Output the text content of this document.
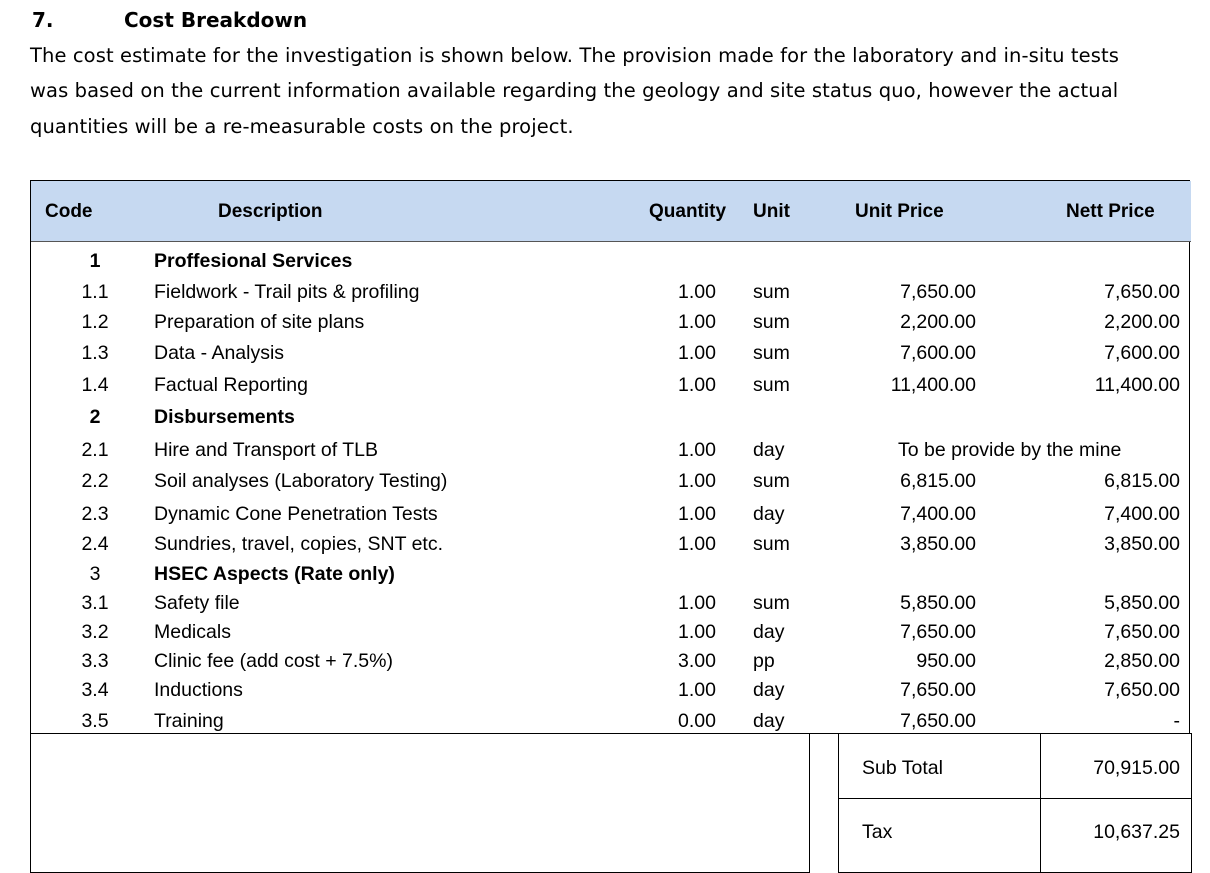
7.	Cost Breakdown
The cost estimate for the investigation is shown below. The provision made for the laboratory and in-situ tests
was based on the current information available regarding the geology and site status quo, however the actual
quantities will be a re-measurable costs on the project.
Code	Description	Quantity Unit	Unit Price	Nett Price
1	Proffesional Services
1.1	Fieldwork - Trail pits & profiling	1.00 sum	7,650.00	7,650.00
1.2	Preparation of site plans	1.00 sum	2,200.00	2,200.00
1.3	Data - Analysis	1.00 sum	7,600.00	7,600.00
1.4	Factual Reporting	1.00 sum	11,400.00	11,400.00
2	Disbursements
2.1	Hire and Transport of TLB	1.00 day	To be provide by the mine
2.2	Soil analyses (Laboratory Testing)	1.00 sum	6,815.00	6,815.00
2.3	Dynamic Cone Penetration Tests	1.00 day	7,400.00	7,400.00
2.4	Sundries, travel, copies, SNT etc.	1.00 sum	3,850.00	3,850.00
3	HSEC Aspects (Rate only)
3.1	Safety file	1.00 sum	5,850.00	5,850.00
3.2	Medicals	1.00 day	7,650.00	7,650.00
3.3	Clinic fee (add cost + 7.5%)	3.00 pp	950.00	2,850.00
3.4	Inductions	1.00 day	7,650.00	7,650.00
3.5	Training	0.00 day	7,650.00	-
Sub Total	70,915.00
Tax	10,637.25
